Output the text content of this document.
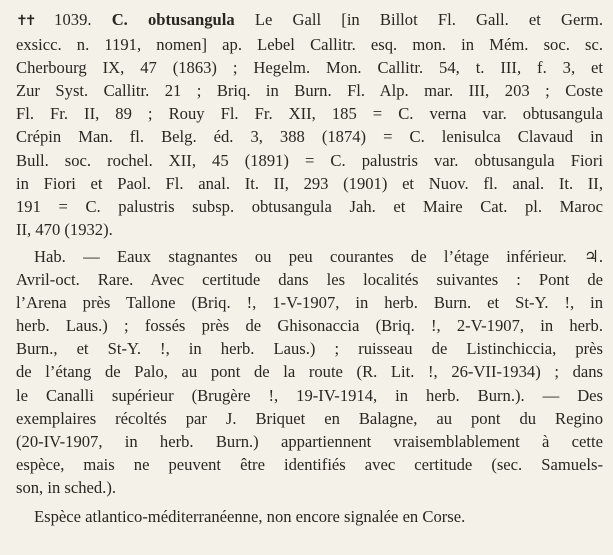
✝✝ 1039. C. obtusangula Le Gall [in Billot Fl. Gall. et Germ.
exsicc. n. 1191, nomen] ap. Lebel Callitr. esq. mon. in Mém. soc. sc.
Cherbourg IX, 47 (1863) ; Hegelm. Mon. Callitr. 54, t. III, f. 3, et
Zur Syst. Callitr. 21 ; Briq. in Burn. Fl. Alp. mar. III, 203 ; Coste
Fl. Fr. II, 89 ; Rouy Fl. Fr. XII, 185 = C. verna var. obtusangula
Crépin Man. fl. Belg. éd. 3, 388 (1874) = C. lenisulca Clavaud in
Bull. soc. rochel. XII, 45 (1891) = C. palustris var. obtusangula Fiori
in Fiori et Paol. Fl. anal. It. II, 293 (1901) et Nuov. fl. anal. It. II,
191 = C. palustris subsp. obtusangula Jah. et Maire Cat. pl. Maroc
II, 470 (1932).
Hab. — Eaux stagnantes ou peu courantes de l’étage inférieur. ♃.
Avril-oct. Rare. Avec certitude dans les localités suivantes : Pont de
l’Arena près Tallone (Briq. !, 1-V-1907, in herb. Burn. et St-Y. !, in
herb. Laus.) ; fossés près de Ghisonaccia (Briq. !, 2-V-1907, in herb.
Burn., et St-Y. !, in herb. Laus.) ; ruisseau de Listinchiccia, près
de l’étang de Palo, au pont de la route (R. Lit. !, 26-VII-1934) ; dans
le Canalli supérieur (Brugère !, 19-IV-1914, in herb. Burn.). — Des
exemplaires récoltés par J. Briquet en Balagne, au pont du Regino
(20-IV-1907, in herb. Burn.) appartiennent vraisemblablement à cette
espèce, mais ne peuvent être identifiés avec certitude (sec. Samuels-
son, in sched.).
Espèce atlantico-méditerranéenne, non encore signalée en Corse.
